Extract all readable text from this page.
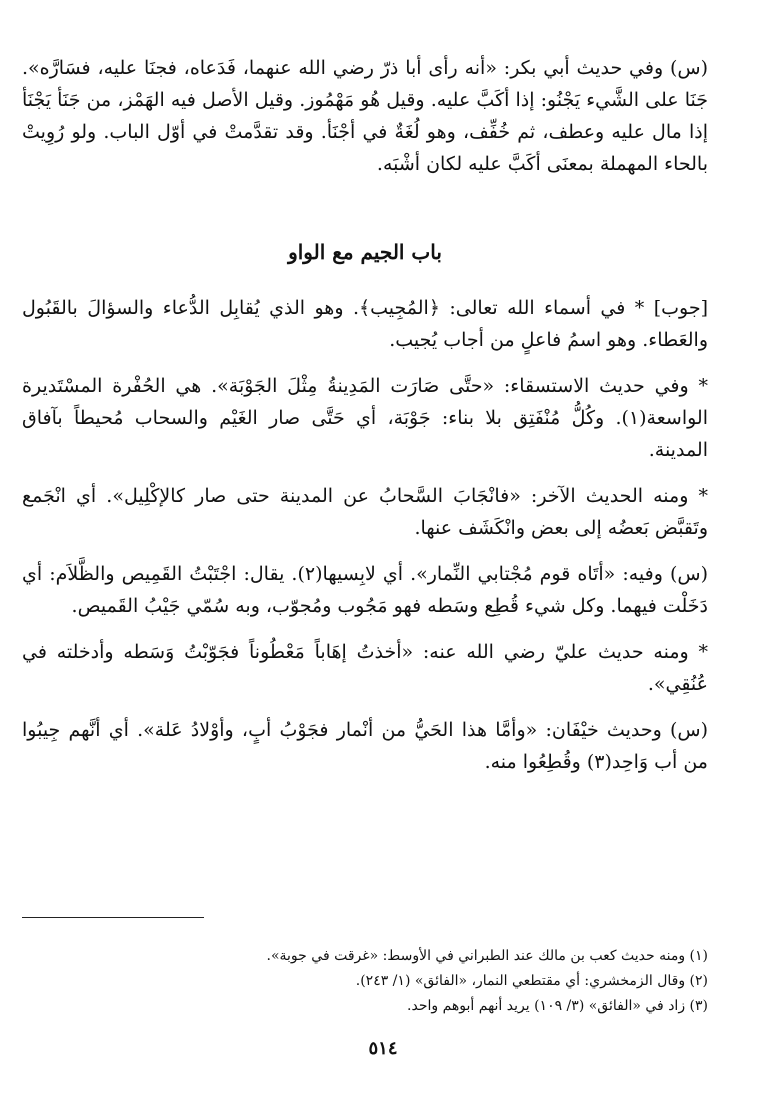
(س) وفي حديث أبي بكر: «أنه رأى أبا ذرّ رضي الله عنهما، فَدَعاه، فجنَا عليه، فسَارَّه». جَنَا على الشَّيء يَجْنُو: إذا أكَبَّ عليه. وقيل هُو مَهْمُوز. وقيل الأصل فيه الهَمْز، من جَنَأ يَجْنَأ إذا مال عليه وعطف، ثم خُفِّف، وهو لُغَةٌ في أجْنَأ. وقد تقدَّمتْ في أوّل الباب. ولو رُوِيتْ بالحاء المهملة بمعنَى أكَبَّ عليه لكان أشْبَه.

باب الجيم مع الواو

[جوب] * في أسماء الله تعالى: ﴿المُجِيب﴾. وهو الذي يُقابِل الدُّعاء والسؤالَ بالقَبُول والعَطاء. وهو اسمُ فاعلٍ من أجاب يُجيب.

* وفي حديث الاستسقاء: «حتَّى صَارَت المَدِينةُ مِثْلَ الجَوْبَة». هي الحُفْرة المسْتَديرة الواسعة(١). وكُلُّ مُنْفَتِق بلا بناء: جَوْبَة، أي حَتَّى صار الغَيْم والسحاب مُحيطاً بآفاق المدينة.

* ومنه الحديث الآخر: «فانْجَابَ السَّحابُ عن المدينة حتى صار كالإكْلِيل». أي انْجَمع وتَقبَّض بَعضُه إلى بعض وانْكَشَف عنها.

(س) وفيه: «أتَاه قوم مُجْتابي النِّمار». أي لابِسيها(٢). يقال: اجْتَبْتُ القَمِيص والظَّلاَم: أي دَخَلْت فيهما. وكل شيء قُطِع وسَطه فهو مَجُوب ومُجوّب، وبه سُمّي جَيْبُ القَميص.

* ومنه حديث عليّ رضي الله عنه: «أخذتُ إهَاباً مَعْطُوناً فجَوّبْتُ وَسَطه وأدخلته في عُنُقِي».

(س) وحديث خيْفَان: «وأمَّا هذا الحَيُّ من أنْمار فجَوْبُ أبٍ، وأوْلادُ عَلة». أي أنَّهم جِيبُوا من أب وَاحِد(٣) وقُطِعُوا منه.

(١) ومنه حديث كعب بن مالك عند الطبراني في الأوسط: «غرقت في جوبة».

(٢) وقال الزمخشري: أي مقتطعي النمار، «الفائق» (١/ ٢٤٣).

(٣) زاد في «الفائق» (٣/ ١٠٩) يريد أنهم أبوهم واحد.

٥١٤
